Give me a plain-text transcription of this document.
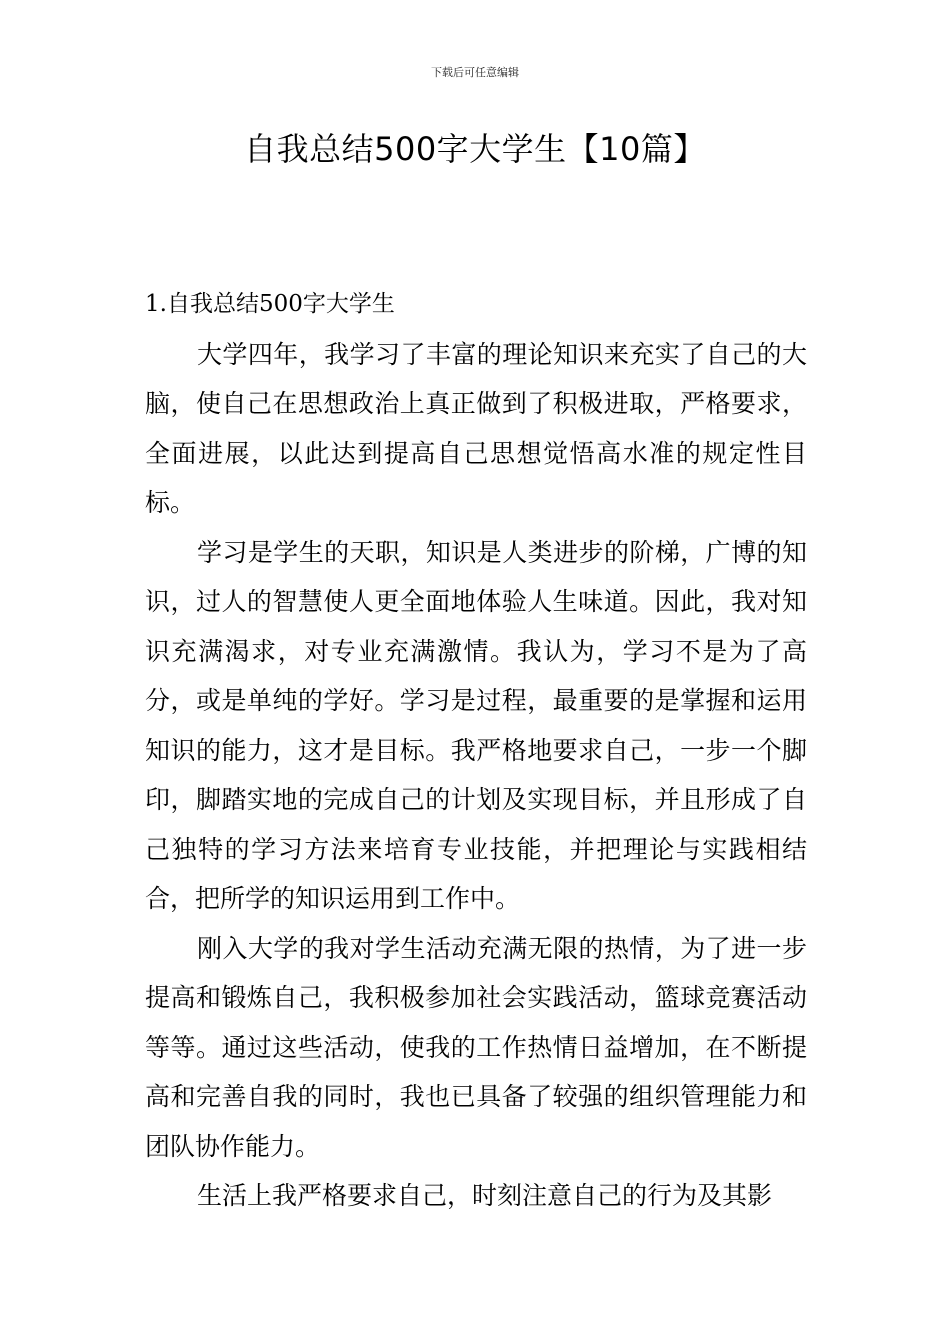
下载后可任意编辑
自我总结500字大学生【10篇】

1.自我总结500字大学生

大学四年，我学习了丰富的理论知识来充实了自己的大脑，使自己在思想政治上真正做到了积极进取，严格要求，全面进展，以此达到提高自己思想觉悟高水准的规定性目标。

学习是学生的天职，知识是人类进步的阶梯，广博的知识，过人的智慧使人更全面地体验人生味道。因此，我对知识充满渴求，对专业充满激情。我认为，学习不是为了高分，或是单纯的学好。学习是过程，最重要的是掌握和运用知识的能力，这才是目标。我严格地要求自己，一步一个脚印，脚踏实地的完成自己的计划及实现目标，并且形成了自己独特的学习方法来培育专业技能，并把理论与实践相结合，把所学的知识运用到工作中。

刚入大学的我对学生活动充满无限的热情，为了进一步提高和锻炼自己，我积极参加社会实践活动，篮球竞赛活动等等。通过这些活动，使我的工作热情日益增加，在不断提高和完善自我的同时，我也已具备了较强的组织管理能力和团队协作能力。

生活上我严格要求自己，时刻注意自己的行为及其影
